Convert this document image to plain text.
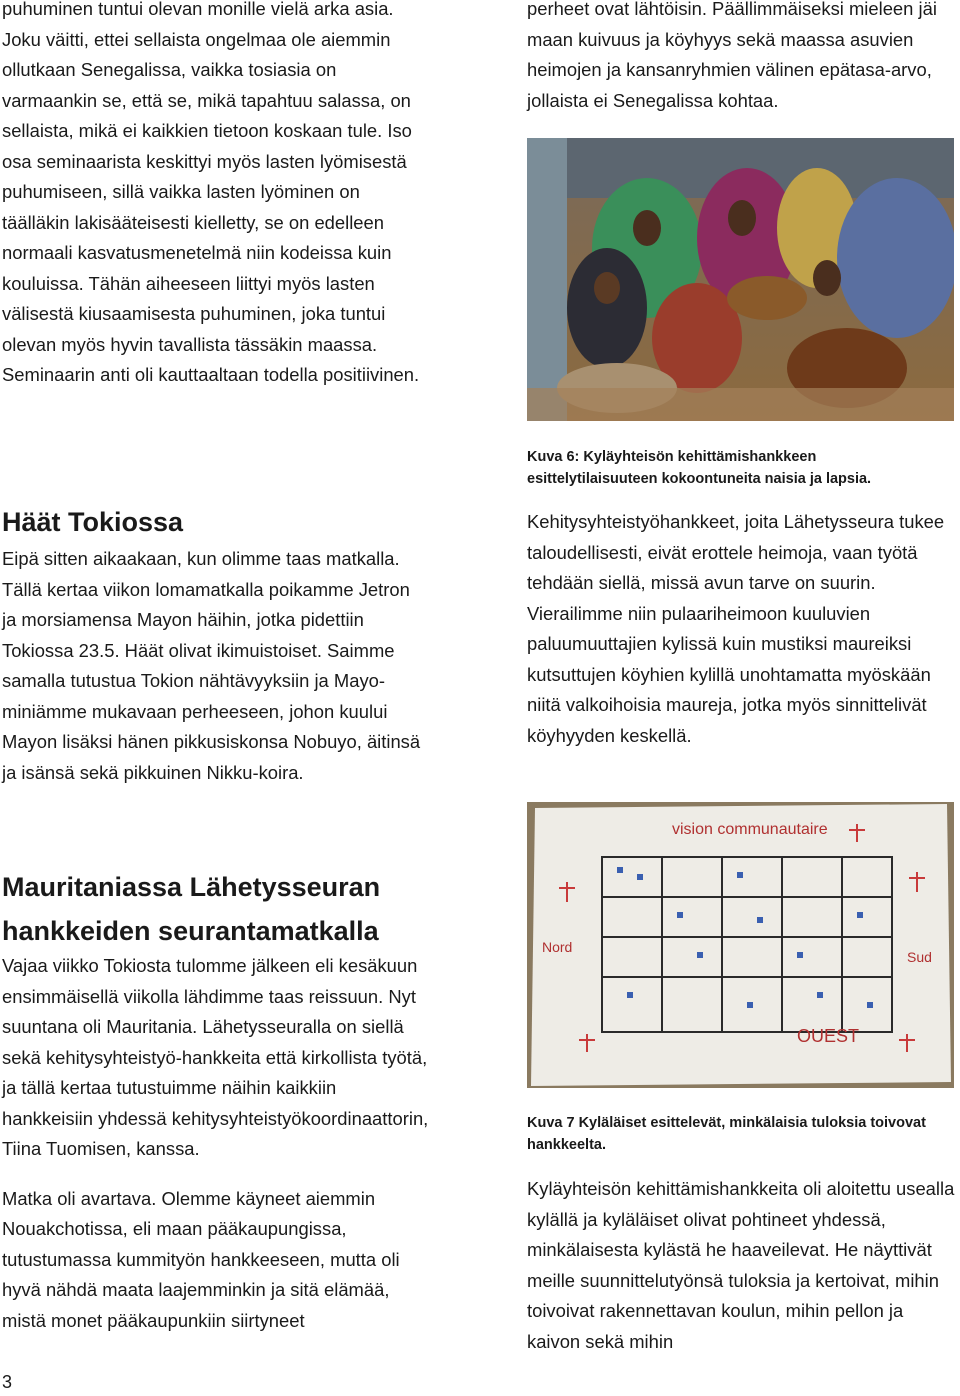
puhuminen tuntui olevan monille vielä arka asia. Joku väitti, ettei sellaista ongelmaa ole aiemmin ollutkaan Senegalissa, vaikka tosiasia on varmaankin se, että se, mikä tapahtuu salassa, on sellaista, mikä ei kaikkien tietoon koskaan tule. Iso osa seminaarista keskittyi myös lasten lyömisestä puhumiseen, sillä vaikka lasten lyöminen on täälläkin lakisääteisesti kielletty, se on edelleen normaali kasvatusmenetelmä niin kodeissa kuin kouluissa. Tähän aiheeseen liittyi myös lasten välisestä kiusaamisesta puhuminen, joka tuntui olevan myös hyvin tavallista tässäkin maassa. Seminaarin anti oli kauttaaltaan todella positiivinen.

Häät Tokiossa

Eipä sitten aikaakaan, kun olimme taas matkalla. Tällä kertaa viikon lomamatkalla poikamme Jetron ja morsiamensa Mayon häihin, jotka pidettiin Tokiossa 23.5. Häät olivat ikimuistoiset. Saimme samalla tutustua Tokion nähtävyyksiin ja Mayo-miniämme mukavaan perheeseen, johon kuului Mayon lisäksi hänen pikkusiskonsa Nobuyo, äitinsä ja isänsä sekä pikkuinen Nikku-koira.

Mauritaniassa Lähetysseuran hankkeiden seurantamatkalla

Vajaa viikko Tokiosta tulomme jälkeen eli kesäkuun ensimmäisellä viikolla lähdimme taas reissuun. Nyt suuntana oli Mauritania. Lähetysseuralla on siellä sekä kehitysyhteistyö-hankkeita että kirkollista työtä, ja tällä kertaa tutustuimme näihin kaikkiin hankkeisiin yhdessä kehitysyhteistyökoordinaattorin, Tiina Tuomisen, kanssa.

Matka oli avartava. Olemme käyneet aiemmin Nouakchotissa, eli maan pääkaupungissa, tutustumassa kummityön hankkeeseen, mutta oli hyvä nähdä maata laajemminkin ja sitä elämää, mistä monet pääkaupunkiin siirtyneet

perheet ovat lähtöisin. Päällimmäiseksi mieleen jäi maan kuivuus ja köyhyys sekä maassa asuvien heimojen ja kansanryhmien välinen epätasa-arvo, jollaista ei Senegalissa kohtaa.

Kuva 6: Kyläyhteisön kehittämishankkeen esittelytilaisuuteen kokoontuneita naisia ja lapsia.

Kehitysyhteistyöhankkeet, joita Lähetysseura tukee taloudellisesti, eivät erottele heimoja, vaan työtä tehdään siellä, missä avun tarve on suurin. Vierailimme niin pulaariheimoon kuuluvien paluumuuttajien kylissä kuin mustiksi maureiksi kutsuttujen köyhien kylillä unohtamatta myöskään niitä valkoihoisia maureja, jotka myös sinnittelivät köyhyyden keskellä.

vision communautaire
OUEST
Sud
Nord

Kuva 7 Kyläläiset esittelevät, minkälaisia tuloksia toivovat hankkeelta.

Kyläyhteisön kehittämishankkeita oli aloitettu usealla kylällä ja kyläläiset olivat pohtineet yhdessä, minkälaisesta kylästä he haaveilevat. He näyttivät meille suunnittelutyönsä tuloksia ja kertoivat, mihin toivoivat rakennettavan koulun, mihin pellon ja kaivon sekä mihin

3
